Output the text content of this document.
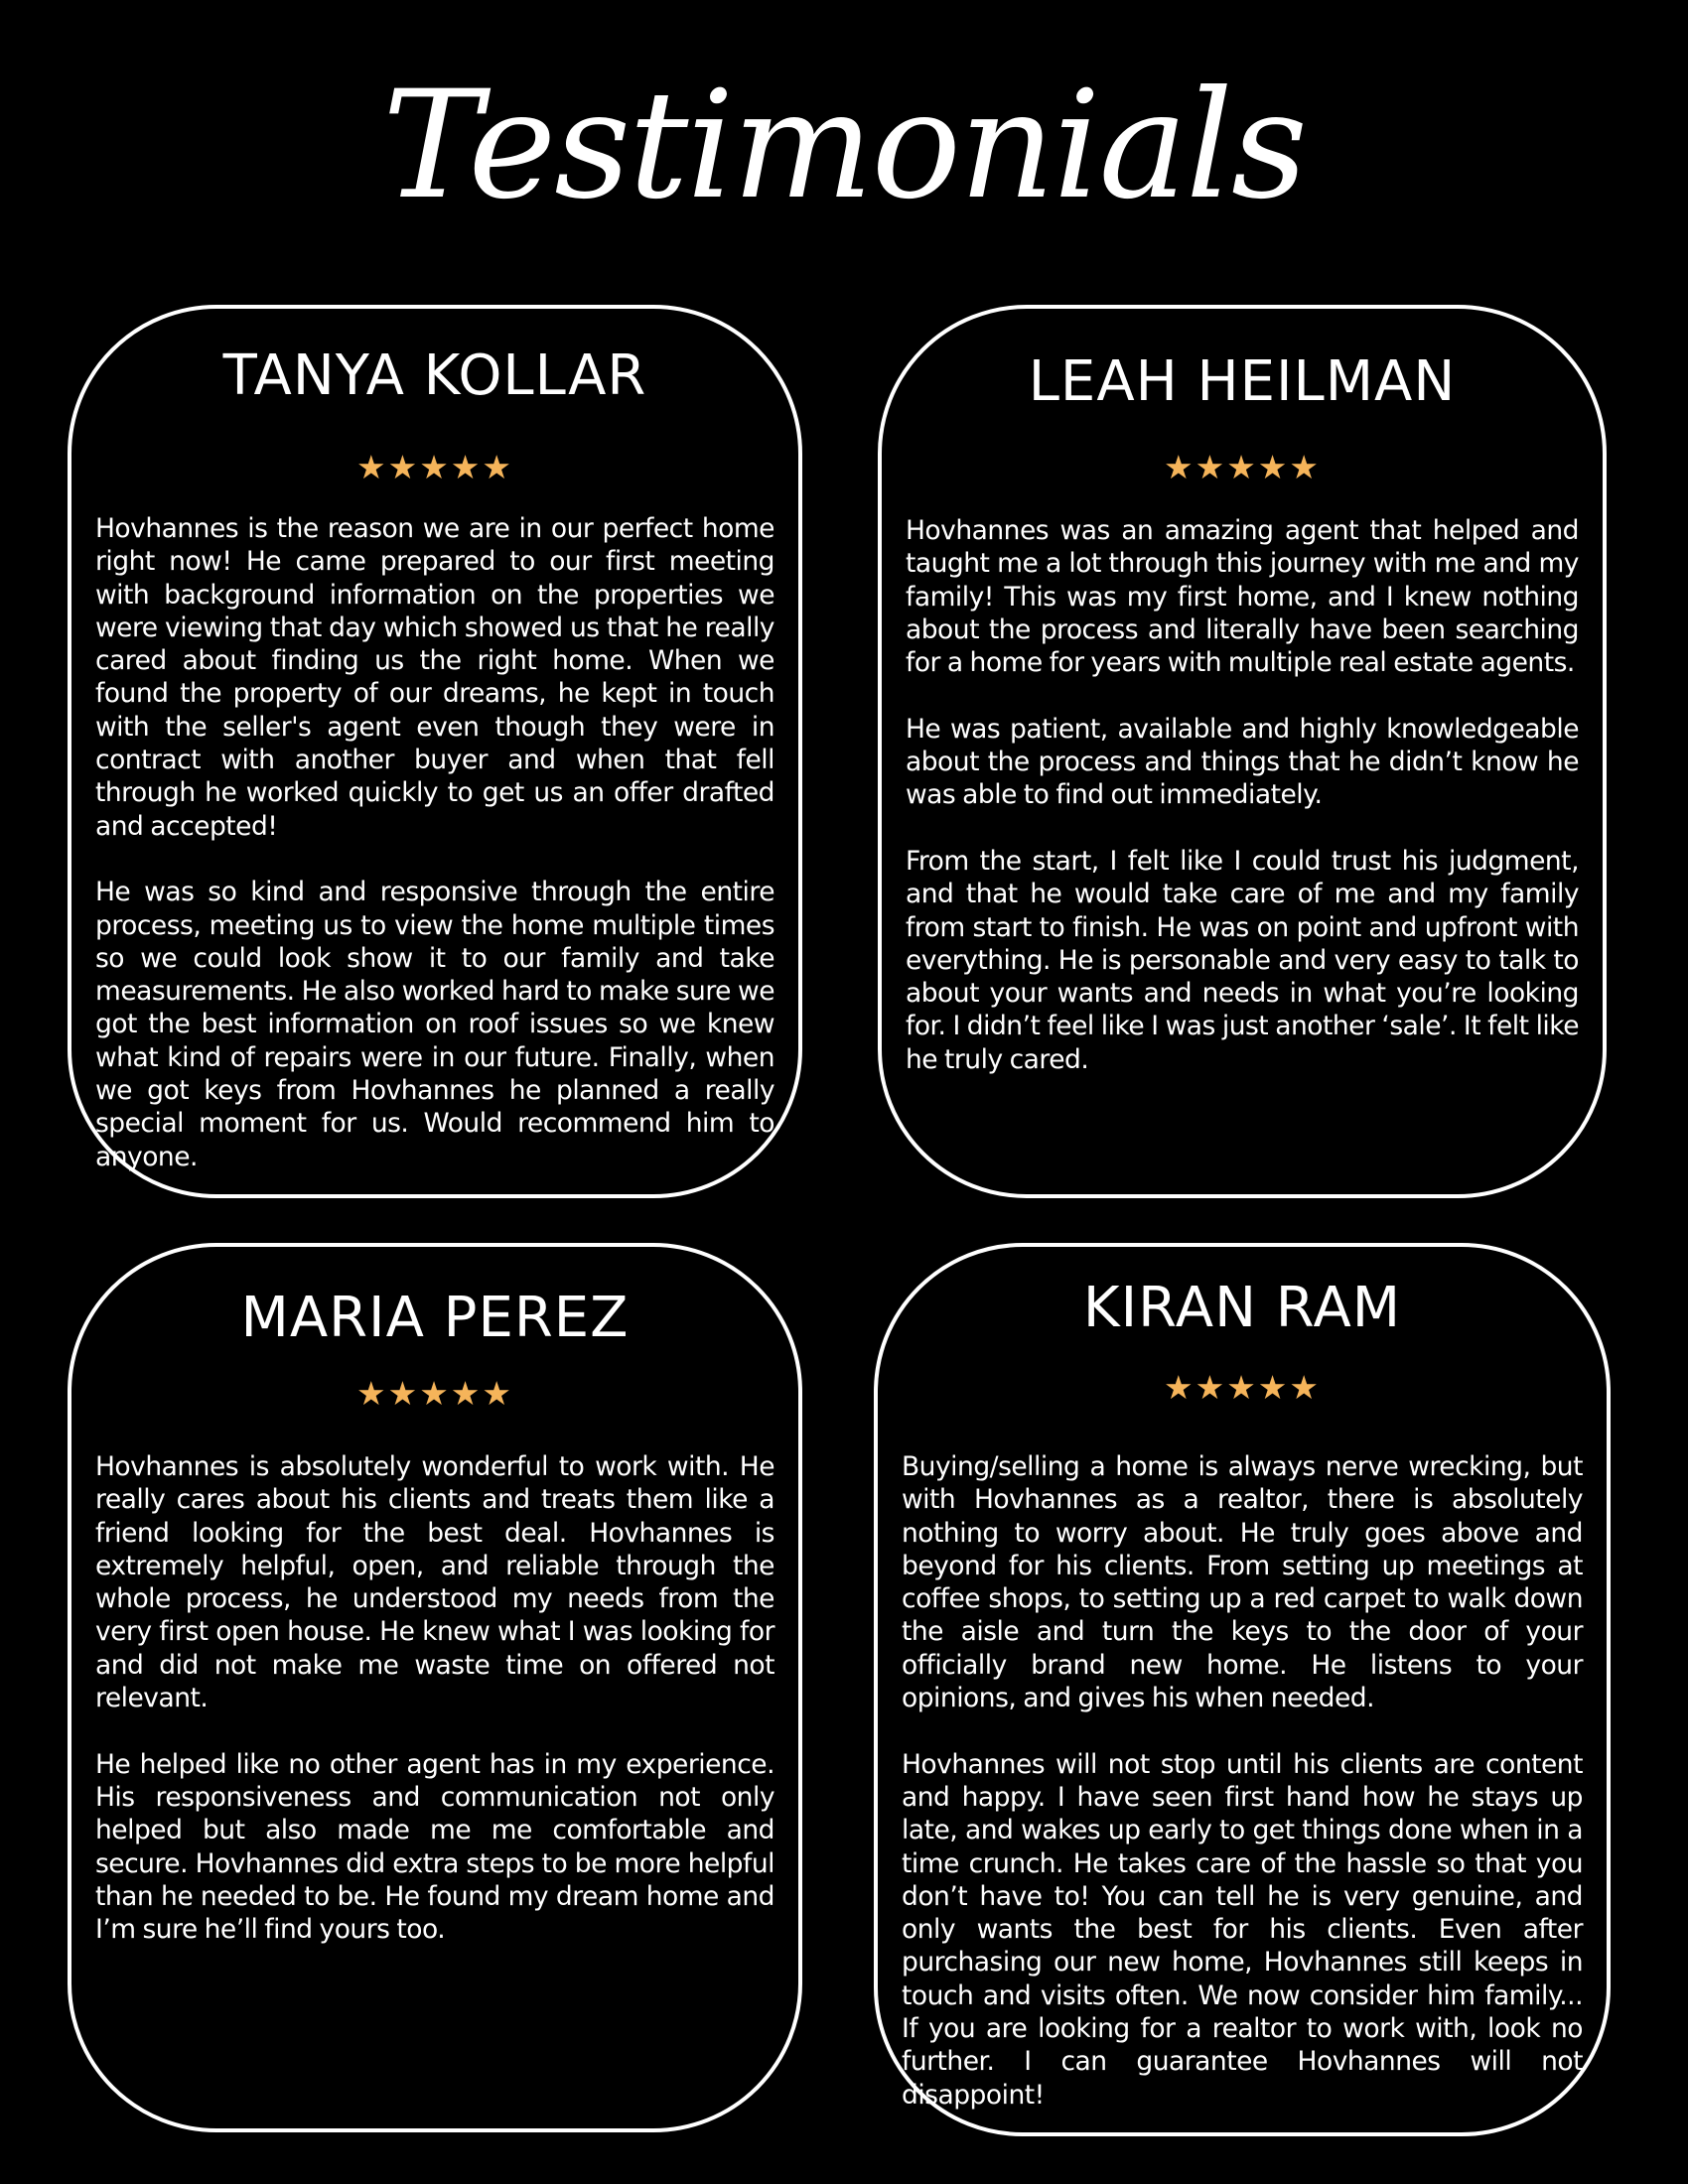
Testimonials
TANYA KOLLAR
★★★★★

Hovhannes is the reason we are in our perfect home right now! He came prepared to our first meeting with background information on the properties we were viewing that day which showed us that he really cared about finding us the right home. When we found the property of our dreams, he kept in touch with the seller's agent even though they were in contract with another buyer and when that fell through he worked quickly to get us an offer drafted and accepted!

He was so kind and responsive through the entire process, meeting us to view the home multiple times so we could look show it to our family and take measurements. He also worked hard to make sure we got the best information on roof issues so we knew what kind of repairs were in our future. Finally, when we got keys from Hovhannes he planned a really special moment for us. Would recommend him to anyone.

LEAH HEILMAN
★★★★★

Hovhannes was an amazing agent that helped and taught me a lot through this journey with me and my family! This was my first home, and I knew nothing about the process and literally have been searching for a home for years with multiple real estate agents.

He was patient, available and highly knowledgeable about the process and things that he didn’t know he was able to find out immediately.

From the start, I felt like I could trust his judgment, and that he would take care of me and my family from start to finish. He was on point and upfront with everything. He is personable and very easy to talk to about your wants and needs in what you’re looking for. I didn’t feel like I was just another ‘sale’. It felt like he truly cared.

MARIA PEREZ
★★★★★

Hovhannes is absolutely wonderful to work with. He really cares about his clients and treats them like a friend looking for the best deal. Hovhannes is extremely helpful, open, and reliable through the whole process, he understood my needs from the very first open house. He knew what I was looking for and did not make me waste time on offered not relevant.

He helped like no other agent has in my experience. His responsiveness and communication not only helped but also made me me comfortable and secure. Hovhannes did extra steps to be more helpful than he needed to be. He found my dream home and I’m sure he’ll find yours too.

KIRAN RAM
★★★★★

Buying/selling a home is always nerve wrecking, but with Hovhannes as a realtor, there is absolutely nothing to worry about. He truly goes above and beyond for his clients. From setting up meetings at coffee shops, to setting up a red carpet to walk down the aisle and turn the keys to the door of your officially brand new home. He listens to your opinions, and gives his when needed.

Hovhannes will not stop until his clients are content and happy. I have seen first hand how he stays up late, and wakes up early to get things done when in a time crunch. He takes care of the hassle so that you don’t have to! You can tell he is very genuine, and only wants the best for his clients. Even after purchasing our new home, Hovhannes still keeps in touch and visits often. We now consider him family... If you are looking for a realtor to work with, look no further. I can guarantee Hovhannes will not disappoint!
